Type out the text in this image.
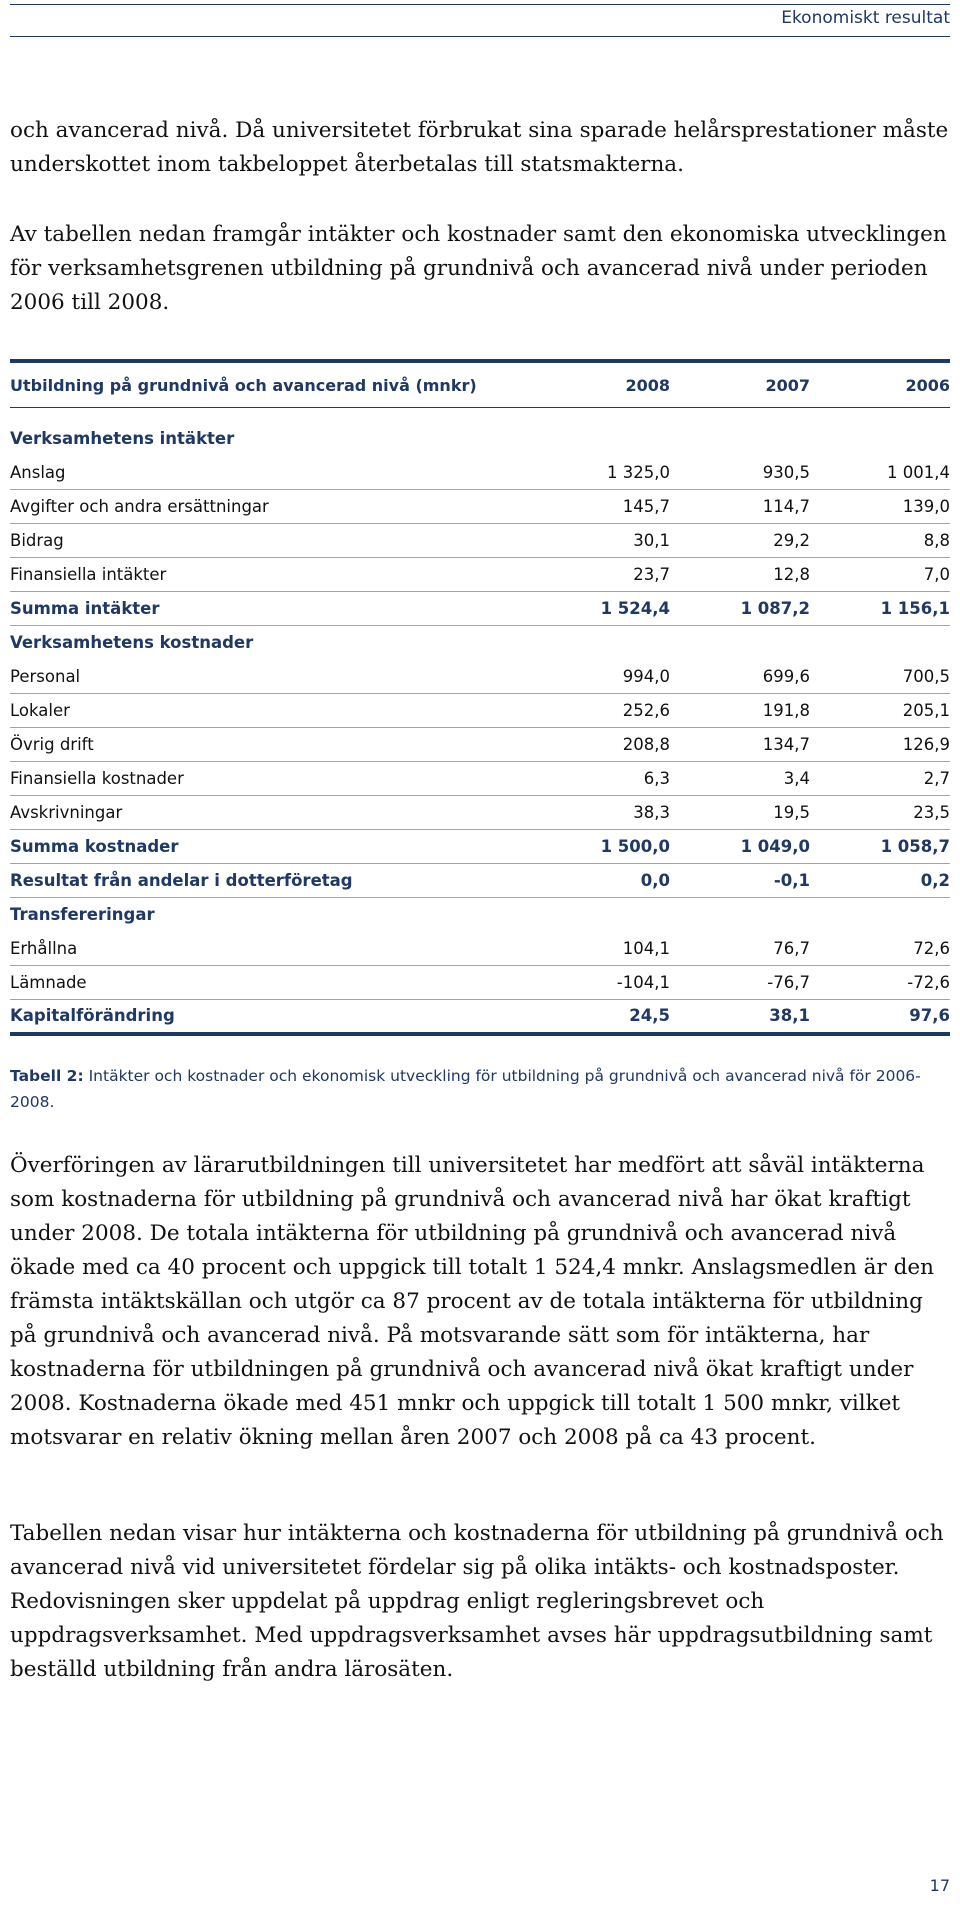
Ekonomiskt resultat

och avancerad nivå. Då universitetet förbrukat sina sparade helårsprestationer måste underskottet inom takbeloppet återbetalas till statsmakterna.

Av tabellen nedan framgår intäkter och kostnader samt den ekonomiska utvecklingen för verksamhetsgrenen utbildning på grundnivå och avancerad nivå under perioden 2006 till 2008.

Utbildning på grundnivå och avancerad nivå (mnkr)	2008	2007	2006

Verksamhetens intäkter			
Anslag	1 325,0	930,5	1 001,4
Avgifter och andra ersättningar	145,7	114,7	139,0
Bidrag	30,1	29,2	8,8
Finansiella intäkter	23,7	12,8	7,0
Summa intäkter	1 524,4	1 087,2	1 156,1
Verksamhetens kostnader			
Personal	994,0	699,6	700,5
Lokaler	252,6	191,8	205,1
Övrig drift	208,8	134,7	126,9
Finansiella kostnader	6,3	3,4	2,7
Avskrivningar	38,3	19,5	23,5
Summa kostnader	1 500,0	1 049,0	1 058,7
Resultat från andelar i dotterföretag	0,0	-0,1	0,2
Transfereringar			
Erhållna	104,1	76,7	72,6
Lämnade	-104,1	-76,7	-72,6
Kapitalförändring	24,5	38,1	97,6

Tabell 2: Intäkter och kostnader och ekonomisk utveckling för utbildning på grundnivå och avancerad nivå för 2006-2008.

Överföringen av lärarutbildningen till universitetet har medfört att såväl intäkterna som kostnaderna för utbildning på grundnivå och avancerad nivå har ökat kraftigt under 2008. De totala intäkterna för utbildning på grundnivå och avancerad nivå ökade med ca 40 procent och uppgick till totalt 1 524,4 mnkr. Anslagsmedlen är den främsta intäktskällan och utgör ca 87 procent av de totala intäkterna för utbildning på grundnivå och avancerad nivå. På motsvarande sätt som för intäkterna, har kostnaderna för utbildningen på grundnivå och avancerad nivå ökat kraftigt under 2008. Kostnaderna ökade med 451 mnkr och uppgick till totalt 1 500 mnkr, vilket motsvarar en relativ ökning mellan åren 2007 och 2008 på ca 43 procent.

Tabellen nedan visar hur intäkterna och kostnaderna för utbildning på grundnivå och avancerad nivå vid universitetet fördelar sig på olika intäkts- och kostnadsposter. Redovisningen sker uppdelat på uppdrag enligt regleringsbrevet och uppdragsverksamhet. Med uppdragsverksamhet avses här uppdragsutbildning samt beställd utbildning från andra lärosäten.

17
